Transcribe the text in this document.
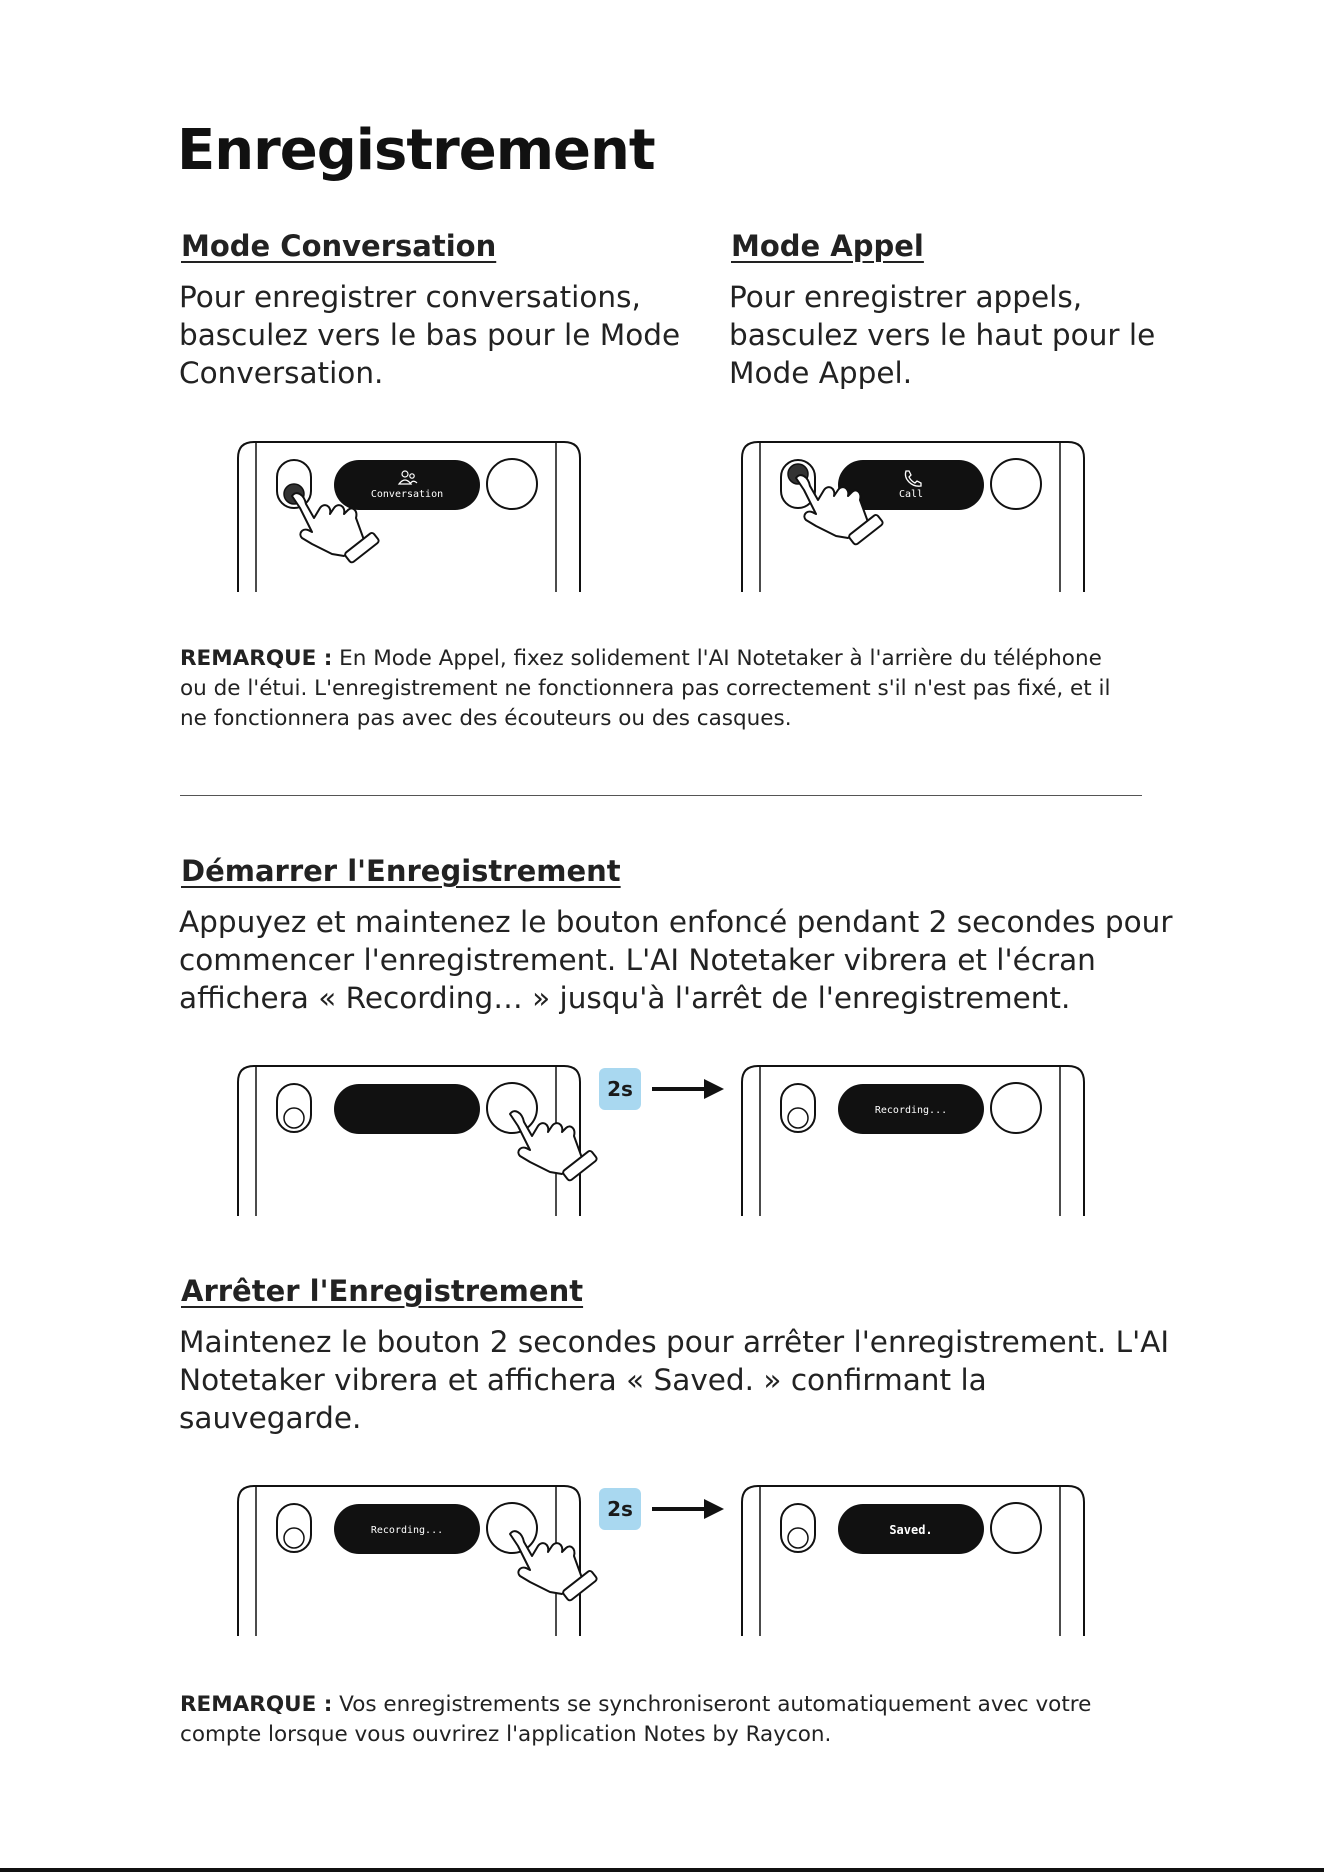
Enregistrement
Mode Conversation
Pour enregistrer conversations,
basculez vers le bas pour le Mode
Conversation.
Mode Appel
Pour enregistrer appels,
basculez vers le haut pour le
Mode Appel.
Conversation	Call
REMARQUE : En Mode Appel, fixez solidement l'AI Notetaker à l'arrière du téléphone
ou de l'étui. L'enregistrement ne fonctionnera pas correctement s'il n'est pas fixé, et il
ne fonctionnera pas avec des écouteurs ou des casques.
Démarrer l'Enregistrement
Appuyez et maintenez le bouton enfoncé pendant 2 secondes pour
commencer l'enregistrement. L'AI Notetaker vibrera et l'écran
affichera « Recording… » jusqu'à l'arrêt de l'enregistrement.
2s
Recording...
Arrêter l'Enregistrement
Maintenez le bouton 2 secondes pour arrêter l'enregistrement. L'AI
Notetaker vibrera et affichera « Saved. » confirmant la
sauvegarde.
Recording...
2s
Saved.
REMARQUE : Vos enregistrements se synchroniseront automatiquement avec votre
compte lorsque vous ouvrirez l'application Notes by Raycon.
